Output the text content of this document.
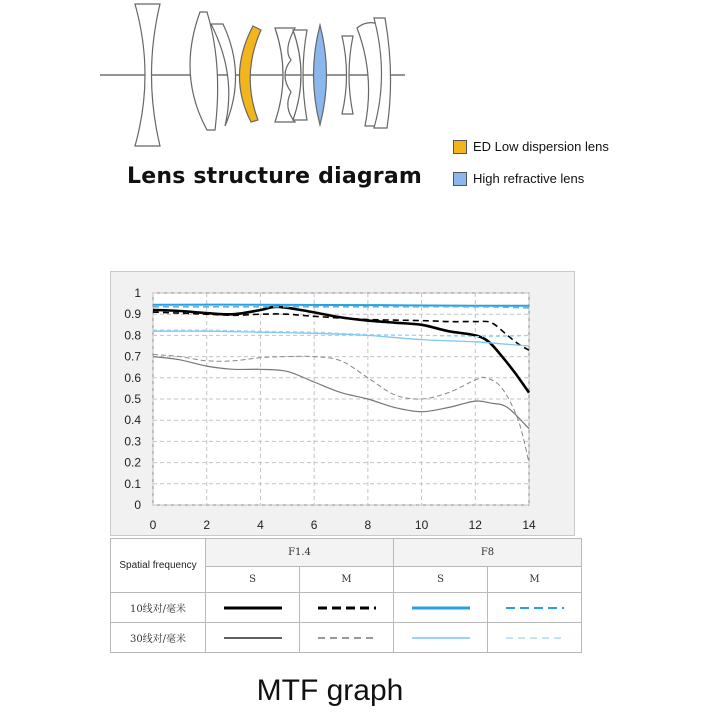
Lens structure diagram
ED Low dispersion lens
High refractive lens
0	2	4	6	8	10	12	14
0
0.1
0.2
0.3
0.4
0.5
0.6
0.7
0.8
0.9
1
Spatial frequency	F1.4		F8	
	S	M	S	M
10线对/毫米	

30线对/毫米	

MTF graph
